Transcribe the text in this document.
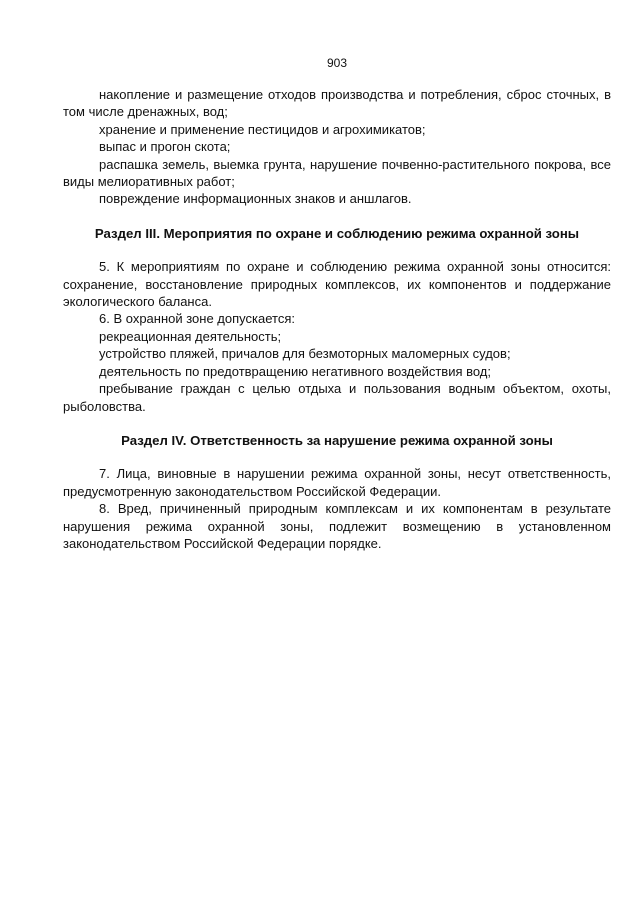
903

накопление и размещение отходов производства и потребления, сброс сточных, в том числе дренажных, вод;

хранение и применение пестицидов и агрохимикатов;

выпас и прогон скота;

распашка земель, выемка грунта, нарушение почвенно-растительного покрова, все виды мелиоративных работ;

повреждение информационных знаков и аншлагов.

Раздел III. Мероприятия по охране и соблюдению режима охранной зоны

5. К мероприятиям по охране и соблюдению режима охранной зоны относится: сохранение, восстановление природных комплексов, их компонентов и поддержание экологического баланса.

6. В охранной зоне допускается:

рекреационная деятельность;

устройство пляжей, причалов для безмоторных маломерных судов;

деятельность по предотвращению негативного воздействия вод;

пребывание граждан с целью отдыха и пользования водным объектом, охоты, рыболовства.

Раздел IV. Ответственность за нарушение режима охранной зоны

7. Лица, виновные в нарушении режима охранной зоны, несут ответственность, предусмотренную законодательством Российской Федерации.

8. Вред, причиненный природным комплексам и их компонентам в результате нарушения режима охранной зоны, подлежит возмещению в установленном законодательством Российской Федерации порядке.
